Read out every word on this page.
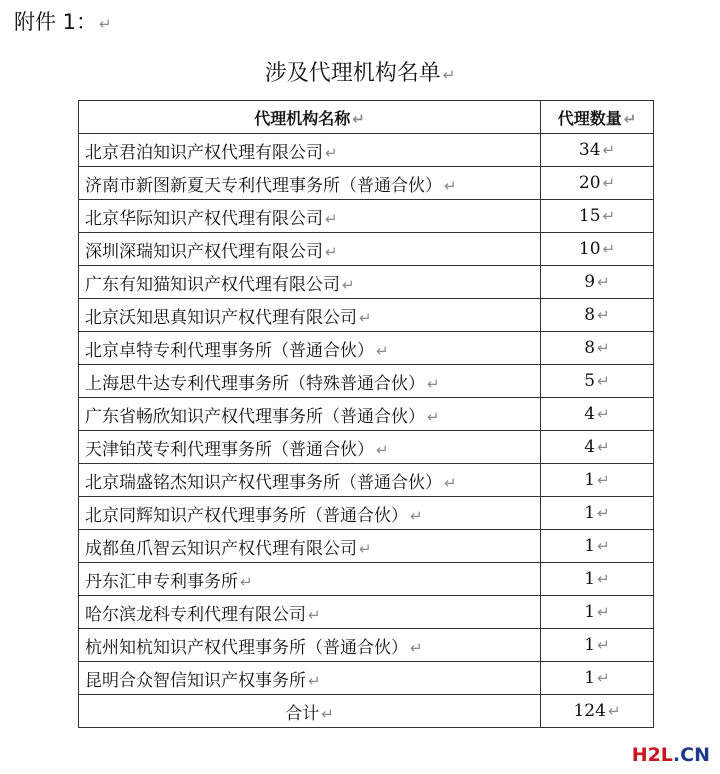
附件 1： ↵
涉及代理机构名单 ↵
代理机构名称 ↵	代理数量 ↵
北京君泊知识产权代理有限公司 ↵	34 ↵
济南市新图新夏天专利代理事务所（普通合伙） ↵	20 ↵
北京华际知识产权代理有限公司 ↵	15 ↵
深圳深瑞知识产权代理有限公司 ↵	10 ↵
广东有知猫知识产权代理有限公司 ↵	9 ↵
北京沃知思真知识产权代理有限公司 ↵	8 ↵
北京卓特专利代理事务所（普通合伙） ↵	8 ↵
上海思牛达专利代理事务所（特殊普通合伙） ↵	5 ↵
广东省畅欣知识产权代理事务所（普通合伙） ↵	4 ↵
天津铂茂专利代理事务所（普通合伙） ↵	4 ↵
北京瑞盛铭杰知识产权代理事务所（普通合伙） ↵	1 ↵
北京同辉知识产权代理事务所（普通合伙） ↵	1 ↵
成都鱼爪智云知识产权代理有限公司 ↵	1 ↵
丹东汇申专利事务所 ↵	1 ↵
哈尔滨龙科专利代理有限公司 ↵	1 ↵
杭州知杭知识产权代理事务所（普通合伙） ↵	1 ↵
昆明合众智信知识产权事务所 ↵	1 ↵
合计 ↵	124 ↵
H2L.CN
